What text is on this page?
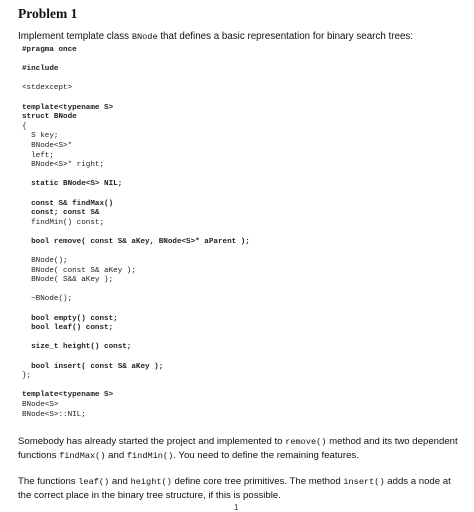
Problem 1
Implement template class BNode that defines a basic representation for binary search trees:
#pragma once
#include
<stdexcept>
template<typename S>
struct BNode
{
S key;
BNode<S>*
left;
BNode<S>* right;
static BNode<S> NIL;
const S& findMax()
const; const S&
findMin() const;
bool remove( const S& aKey, BNode<S>* aParent );
BNode();
BNode( const S& aKey );
BNode( S&& aKey );
~BNode();
bool empty() const;
bool leaf() const;
size_t height() const;
bool insert( const S& aKey );
};
template<typename S>
BNode<S>
BNode<S>::NIL;
Somebody has already started the project and implemented to remove() method and its two dependent functions findMax() and findMin(). You need to define the remaining features.
The functions leaf() and height() define core tree primitives. The method insert() adds a node at the correct place in the binary tree structure, if this is possible.
1
